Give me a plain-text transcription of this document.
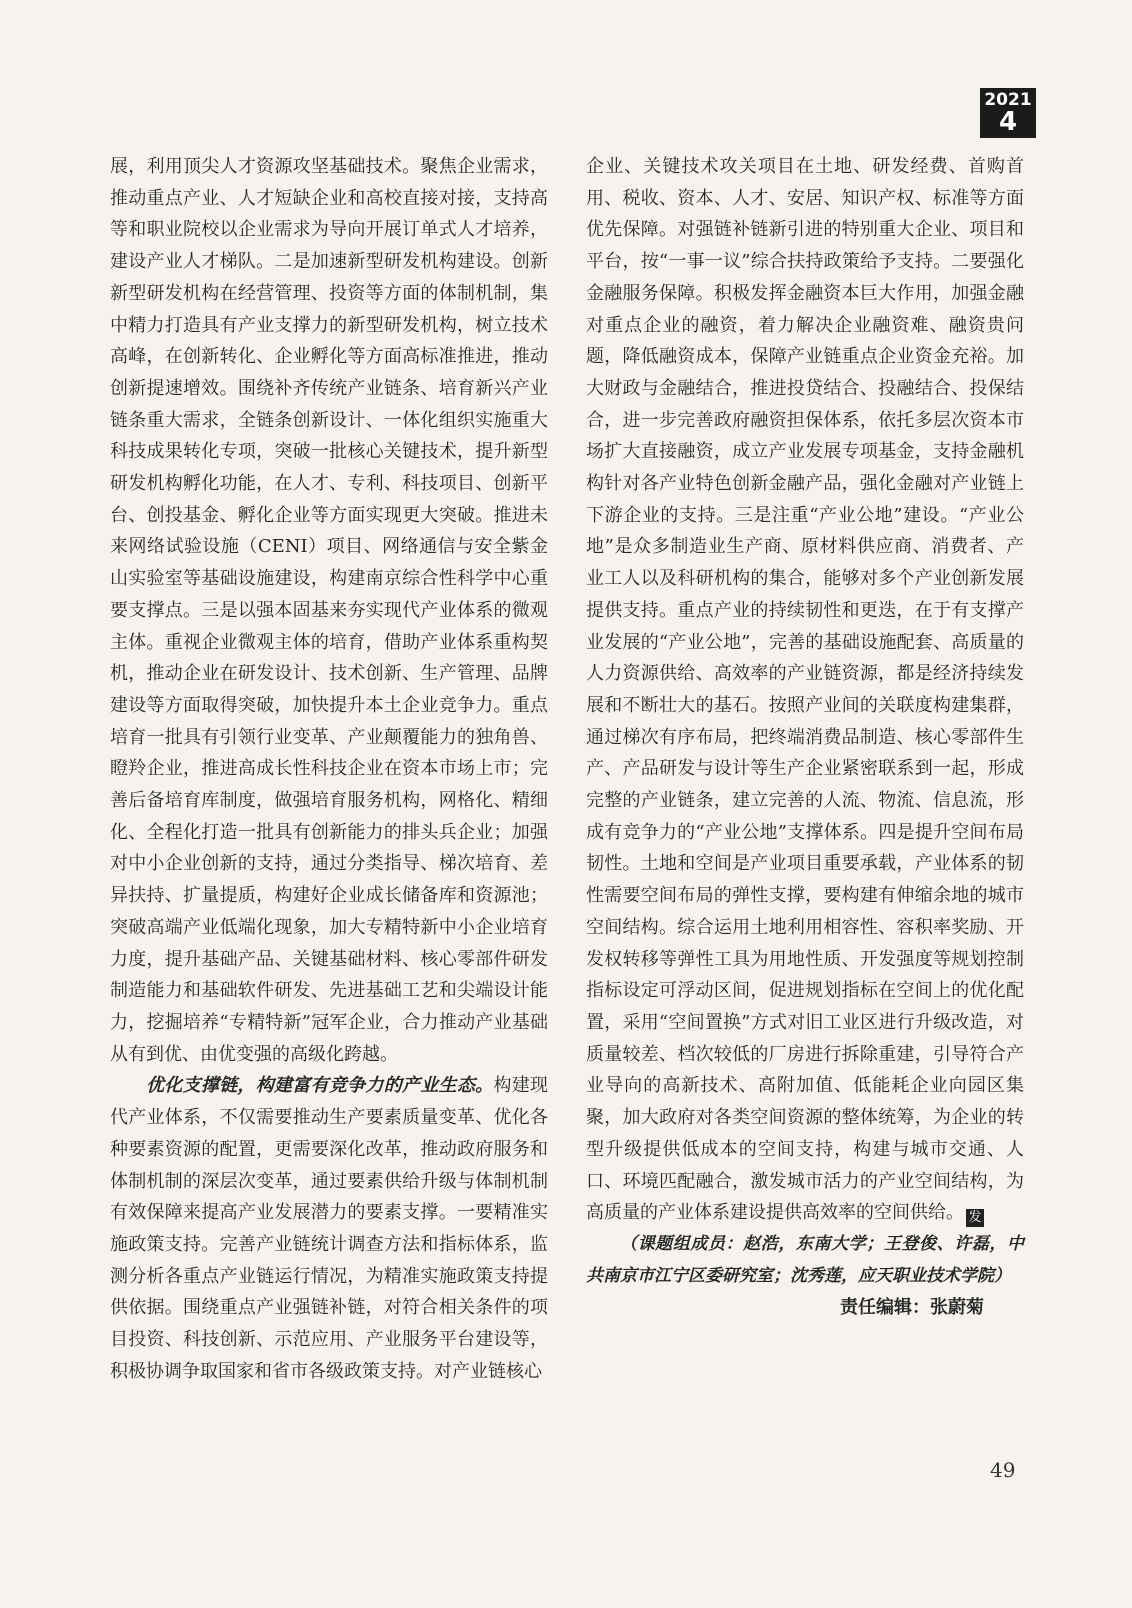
2021
4

展，利用顶尖人才资源攻坚基础技术。聚焦企业需求，推动重点产业、人才短缺企业和高校直接对接，支持高等和职业院校以企业需求为导向开展订单式人才培养，建设产业人才梯队。二是加速新型研发机构建设。创新新型研发机构在经营管理、投资等方面的体制机制，集中精力打造具有产业支撑力的新型研发机构，树立技术高峰，在创新转化、企业孵化等方面高标准推进，推动创新提速增效。围绕补齐传统产业链条、培育新兴产业链条重大需求，全链条创新设计、一体化组织实施重大科技成果转化专项，突破一批核心关键技术，提升新型研发机构孵化功能，在人才、专利、科技项目、创新平台、创投基金、孵化企业等方面实现更大突破。推进未来网络试验设施（CENI）项目、网络通信与安全紫金山实验室等基础设施建设，构建南京综合性科学中心重要支撑点。三是以强本固基来夯实现代产业体系的微观主体。重视企业微观主体的培育，借助产业体系重构契机，推动企业在研发设计、技术创新、生产管理、品牌建设等方面取得突破，加快提升本土企业竞争力。重点培育一批具有引领行业变革、产业颠覆能力的独角兽、瞪羚企业，推进高成长性科技企业在资本市场上市；完善后备培育库制度，做强培育服务机构，网格化、精细化、全程化打造一批具有创新能力的排头兵企业；加强对中小企业创新的支持，通过分类指导、梯次培育、差异扶持、扩量提质，构建好企业成长储备库和资源池；突破高端产业低端化现象，加大专精特新中小企业培育力度，提升基础产品、关键基础材料、核心零部件研发制造能力和基础软件研发、先进基础工艺和尖端设计能力，挖掘培养“专精特新”冠军企业，合力推动产业基础从有到优、由优变强的高级化跨越。

优化支撑链，构建富有竞争力的产业生态。构建现代产业体系，不仅需要推动生产要素质量变革、优化各种要素资源的配置，更需要深化改革，推动政府服务和体制机制的深层次变革，通过要素供给升级与体制机制有效保障来提高产业发展潜力的要素支撑。一要精准实施政策支持。完善产业链统计调查方法和指标体系，监测分析各重点产业链运行情况，为精准实施政策支持提供依据。围绕重点产业强链补链，对符合相关条件的项目投资、科技创新、示范应用、产业服务平台建设等，积极协调争取国家和省市各级政策支持。对产业链核心

企业、关键技术攻关项目在土地、研发经费、首购首用、税收、资本、人才、安居、知识产权、标准等方面优先保障。对强链补链新引进的特别重大企业、项目和平台，按“一事一议”综合扶持政策给予支持。二要强化金融服务保障。积极发挥金融资本巨大作用，加强金融对重点企业的融资，着力解决企业融资难、融资贵问题，降低融资成本，保障产业链重点企业资金充裕。加大财政与金融结合，推进投贷结合、投融结合、投保结合，进一步完善政府融资担保体系，依托多层次资本市场扩大直接融资，成立产业发展专项基金，支持金融机构针对各产业特色创新金融产品，强化金融对产业链上下游企业的支持。三是注重“产业公地”建设。“产业公地”是众多制造业生产商、原材料供应商、消费者、产业工人以及科研机构的集合，能够对多个产业创新发展提供支持。重点产业的持续韧性和更迭，在于有支撑产业发展的“产业公地”，完善的基础设施配套、高质量的人力资源供给、高效率的产业链资源，都是经济持续发展和不断壮大的基石。按照产业间的关联度构建集群，通过梯次有序布局，把终端消费品制造、核心零部件生产、产品研发与设计等生产企业紧密联系到一起，形成完整的产业链条，建立完善的人流、物流、信息流，形成有竞争力的“产业公地”支撑体系。四是提升空间布局韧性。土地和空间是产业项目重要承载，产业体系的韧性需要空间布局的弹性支撑，要构建有伸缩余地的城市空间结构。综合运用土地利用相容性、容积率奖励、开发权转移等弹性工具为用地性质、开发强度等规划控制指标设定可浮动区间，促进规划指标在空间上的优化配置，采用“空间置换”方式对旧工业区进行升级改造，对质量较差、档次较低的厂房进行拆除重建，引导符合产业导向的高新技术、高附加值、低能耗企业向园区集聚，加大政府对各类空间资源的整体统筹，为企业的转型升级提供低成本的空间支持，构建与城市交通、人口、环境匹配融合，激发城市活力的产业空间结构，为高质量的产业体系建设提供高效率的空间供给。 发

（课题组成员：赵浩，东南大学；王登俊、许磊，中共南京市江宁区委研究室；沈秀莲，应天职业技术学院）

责任编辑：张蔚菊

49
